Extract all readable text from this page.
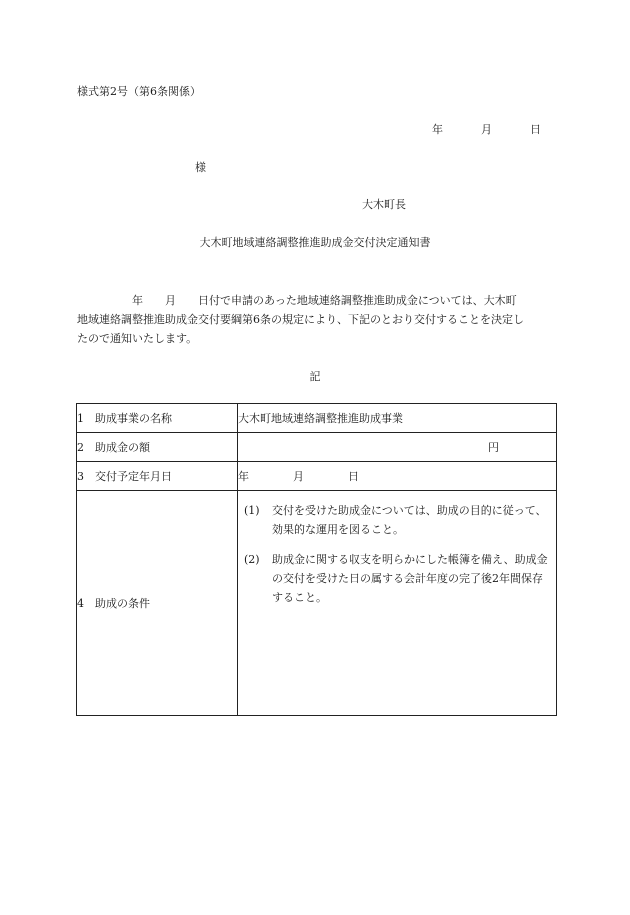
様式第2号（第6条関係）
年	月	日
様
大木町長
大木町地域連絡調整推進助成金交付決定通知書
　　　　　年　　月　　日付で申請のあった地域連絡調整推進助成金については、大木町
地域連絡調整推進助成金交付要綱第6条の規定により、下記のとおり交付することを決定し
たので通知いたします。
記
1 助成事業の名称	大木町地域連絡調整推進助成事業
2 助成金の額	円
3 交付予定年月日	年　　　　月　　　　日
4 助成の条件	(1) 交付を受けた助成金については、助成の目的に従って、効果的な運用を図ること。
(2) 助成金に関する収支を明らかにした帳簿を備え、助成金の交付を受けた日の属する会計年度の完了後2年間保存すること。
